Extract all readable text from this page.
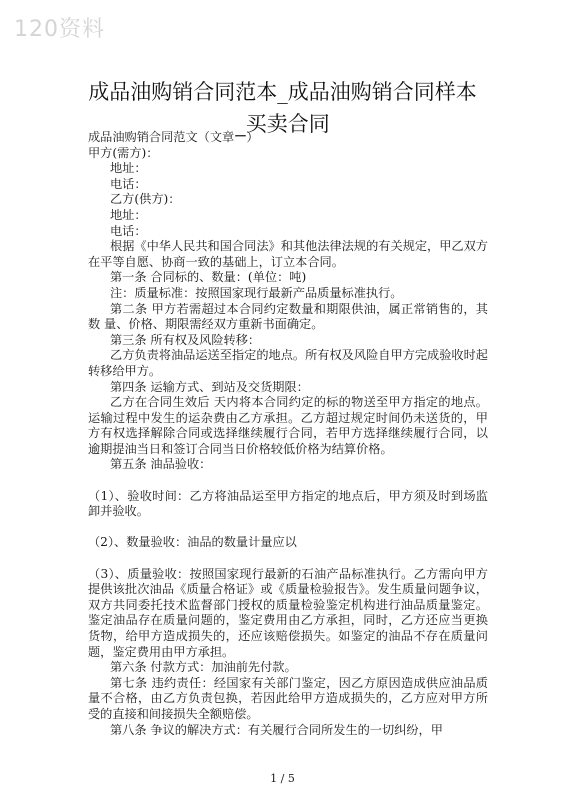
120资料
成品油购销合同范本_成品油购销合同样本
_买卖合同

成品油购销合同范文（文章一）

甲方(需方)：

地址：

电话：

乙方(供方)：

地址：

电话：

根据《中华人民共和国合同法》和其他法律法规的有关规定，甲乙双方在平等自愿、协商一致的基础上，订立本合同。

第一条 合同标的、数量：(单位：吨)

注：质量标准：按照国家现行最新产品质量标准执行。

第二条 甲方若需超过本合同约定数量和期限供油，属正常销售的，其数 量、价格、期限需经双方重新书面确定。

第三条 所有权及风险转移：

乙方负责将油品运送至指定的地点。所有权及风险自甲方完成验收时起转移给甲方。

第四条 运输方式、到站及交货期限：

乙方在合同生效后 天内将本合同约定的标的物送至甲方指定的地点。运输过程中发生的运杂费由乙方承担。乙方超过规定时间仍未送货的，甲方有权选择解除合同或选择继续履行合同，若甲方选择继续履行合同，以逾期提油当日和签订合同当日价格较低价格为结算价格。

第五条 油品验收：

（1）、验收时间：乙方将油品运至甲方指定的地点后，甲方须及时到场监卸并验收。

（2）、数量验收：油品的数量计量应以

（3）、质量验收：按照国家现行最新的石油产品标准执行。乙方需向甲方提供该批次油品《质量合格证》或《质量检验报告》。发生质量问题争议，双方共同委托技术监督部门授权的质量检验鉴定机构进行油品质量鉴定。鉴定油品存在质量问题的，鉴定费用由乙方承担，同时，乙方还应当更换货物，给甲方造成损失的，还应该赔偿损失。如鉴定的油品不存在质量问题，鉴定费用由甲方承担。

第六条 付款方式：加油前先付款。

第七条 违约责任：经国家有关部门鉴定，因乙方原因造成供应油品质量不合格，由乙方负责包换，若因此给甲方造成损失的，乙方应对甲方所受的直接和间接损失全额赔偿。

第八条 争议的解决方式：有关履行合同所发生的一切纠纷，甲

1 / 5
